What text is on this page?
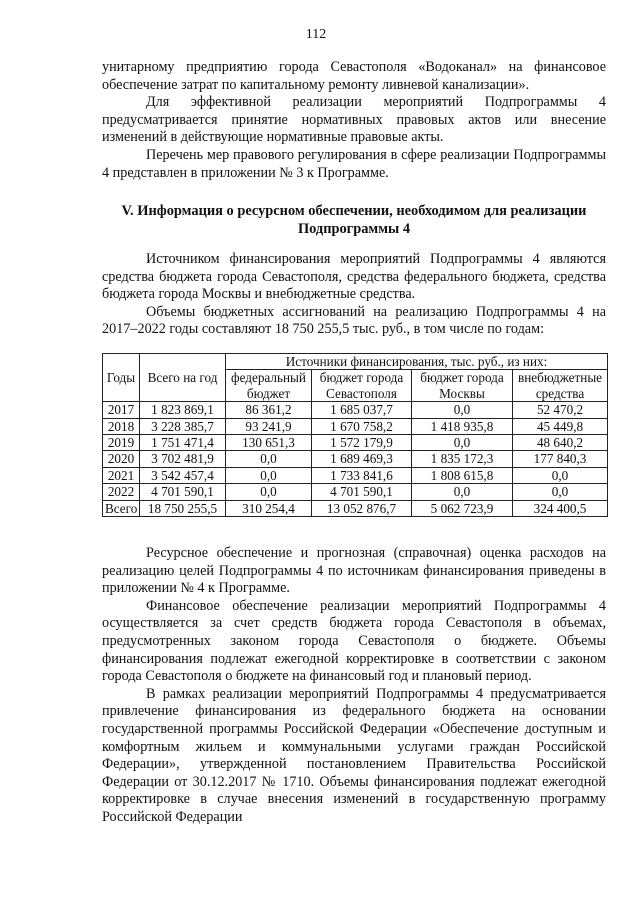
112

унитарному предприятию города Севастополя «Водоканал» на финансовое обеспечение затрат по капитальному ремонту ливневой канализации».

Для эффективной реализации мероприятий Подпрограммы 4 предусматривается принятие нормативных правовых актов или внесение изменений в действующие нормативные правовые акты.

Перечень мер правового регулирования в сфере реализации Подпрограммы 4 представлен в приложении № 3 к Программе.

V. Информация о ресурсном обеспечении, необходимом для реализации Подпрограммы 4

Источником финансирования мероприятий Подпрограммы 4 являются средства бюджета города Севастополя, средства федерального бюджета, средства бюджета города Москвы и внебюджетные средства.

Объемы бюджетных ассигнований на реализацию Подпрограммы 4 на 2017–2022 годы составляют 18 750 255,5 тыс. руб., в том числе по годам:

Годы	Всего на год	Источники финансирования, тыс. руб., из них:			
		федеральный бюджет	бюджет города Севастополя	бюджет города Москвы	внебюджетные средства
2017	1 823 869,1	86 361,2	1 685 037,7	0,0	52 470,2
2018	3 228 385,7	93 241,9	1 670 758,2	1 418 935,8	45 449,8
2019	1 751 471,4	130 651,3	1 572 179,9	0,0	48 640,2
2020	3 702 481,9	0,0	1 689 469,3	1 835 172,3	177 840,3
2021	3 542 457,4	0,0	1 733 841,6	1 808 615,8	0,0
2022	4 701 590,1	0,0	4 701 590,1	0,0	0,0
Всего	18 750 255,5	310 254,4	13 052 876,7	5 062 723,9	324 400,5

Ресурсное обеспечение и прогнозная (справочная) оценка расходов на реализацию целей Подпрограммы 4 по источникам финансирования приведены в приложении № 4 к Программе.

Финансовое обеспечение реализации мероприятий Подпрограммы 4 осуществляется за счет средств бюджета города Севастополя в объемах, предусмотренных законом города Севастополя о бюджете. Объемы финансирования подлежат ежегодной корректировке в соответствии с законом города Севастополя о бюджете на финансовый год и плановый период.

В рамках реализации мероприятий Подпрограммы 4 предусматривается привлечение финансирования из федерального бюджета на основании государственной программы Российской Федерации «Обеспечение доступным и комфортным жильем и коммунальными услугами граждан Российской Федерации», утвержденной постановлением Правительства Российской Федерации от 30.12.2017 № 1710. Объемы финансирования подлежат ежегодной корректировке в случае внесения изменений в государственную программу Российской Федерации
